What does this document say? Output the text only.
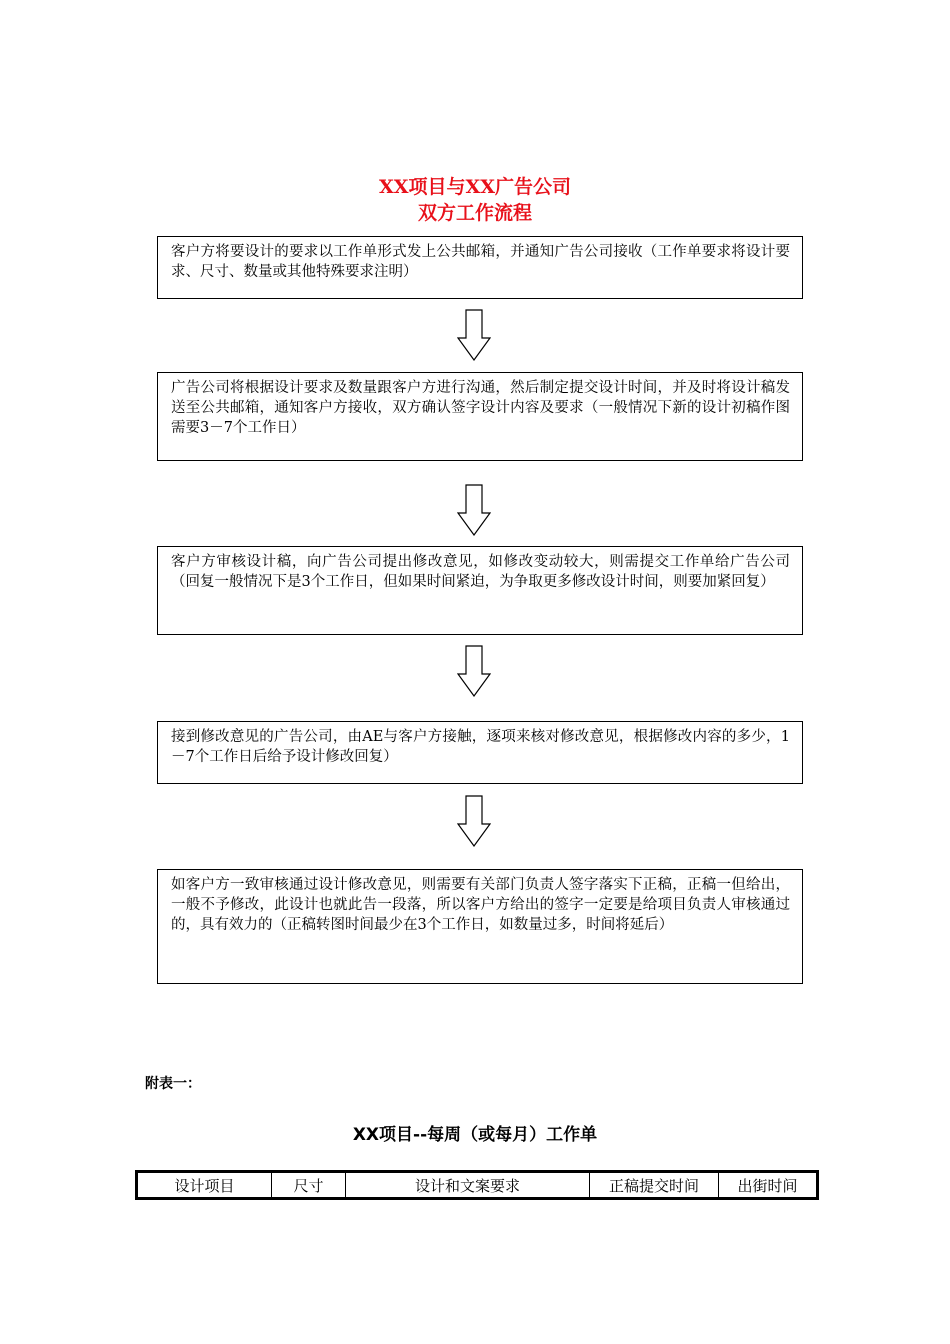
XX项目与XX广告公司
双方工作流程
客户方将要设计的要求以工作单形式发上公共邮箱，并通知广告公司接收（工作单要求将设计要求、尺寸、数量或其他特殊要求注明）
广告公司将根据设计要求及数量跟客户方进行沟通，然后制定提交设计时间，并及时将设计稿发送至公共邮箱，通知客户方接收，双方确认签字设计内容及要求（一般情况下新的设计初稿作图需要3－7个工作日）
客户方审核设计稿，向广告公司提出修改意见，如修改变动较大，则需提交工作单给广告公司（回复一般情况下是3个工作日，但如果时间紧迫，为争取更多修改设计时间，则要加紧回复）
接到修改意见的广告公司，由AE与客户方接触，逐项来核对修改意见，根据修改内容的多少，1－7个工作日后给予设计修改回复）
如客户方一致审核通过设计修改意见，则需要有关部门负责人签字落实下正稿，正稿一但给出，一般不予修改，此设计也就此告一段落，所以客户方给出的签字一定要是给项目负责人审核通过的，具有效力的（正稿转图时间最少在3个工作日，如数量过多，时间将延后）

附表一：

XX项目--每周（或每月）工作单
设计项目	尺寸	设计和文案要求	正稿提交时间	出街时间
